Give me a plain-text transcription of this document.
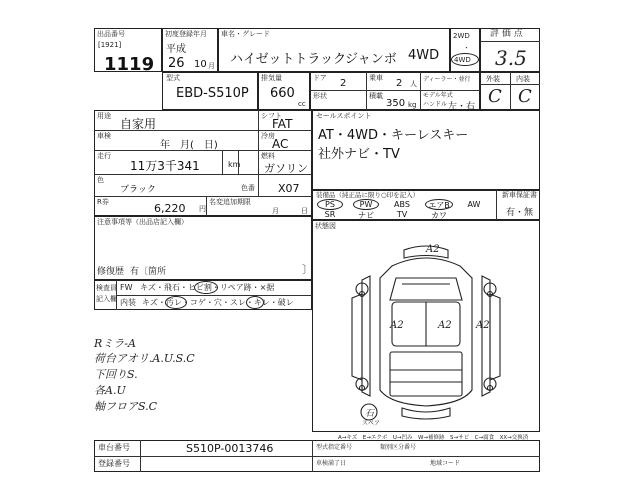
出品番号
[1921]
1119
初度登録年月
平成
26 10 月
車名・グレード
ハイゼットトラック
ジャンボ 4WD
2WD
・
4WD
評 価 点
3.5
型式
EBD-S510P
排気量
660
cc
ドア 2	乗車 2 人
ディーラー・並行
形状	積載
350 kg
モデル年式
ハンドル 左・右
外装 内装
C C
用途
自家用
シフト
FAT
車検
年　月(　日)
冷房
AC
走行
11万3千341	km
燃料
ガソリン
色
ブラック	色番 X07
R券	6,220 円
名変追加期限
月	日
セールスポイント
AT・4WD・キーレスキー
社外ナビ・TV
装備品（純正品に限り○印を記入）	新車保証書
有・無
PS	PW	ABS	エアB	AW
SR	ナビ	TV	カワ
注意事項等（出品店記入欄）
修復歴 有〔箇所	〕
検査員
記入欄
FW キズ・飛石・ヒビ割・リペア跡・×据
内装 キズ・汚レ・コゲ・穴・スレ・キレ・破レ
Rミラ-A
荷台アオリ.A.U.S.C
下回りS.
各A.U
軸フロアS.C
状態図
A2
A2	A2 A2
石
スペア
A→キズ　E→エクボ　U→凹み　W→補修跡　S→サビ　C→腐食　XX→交換済
車台番号	S510P-0013746
登録番号
型式指定番号	類別区分番号
車検満了日	地域コード
